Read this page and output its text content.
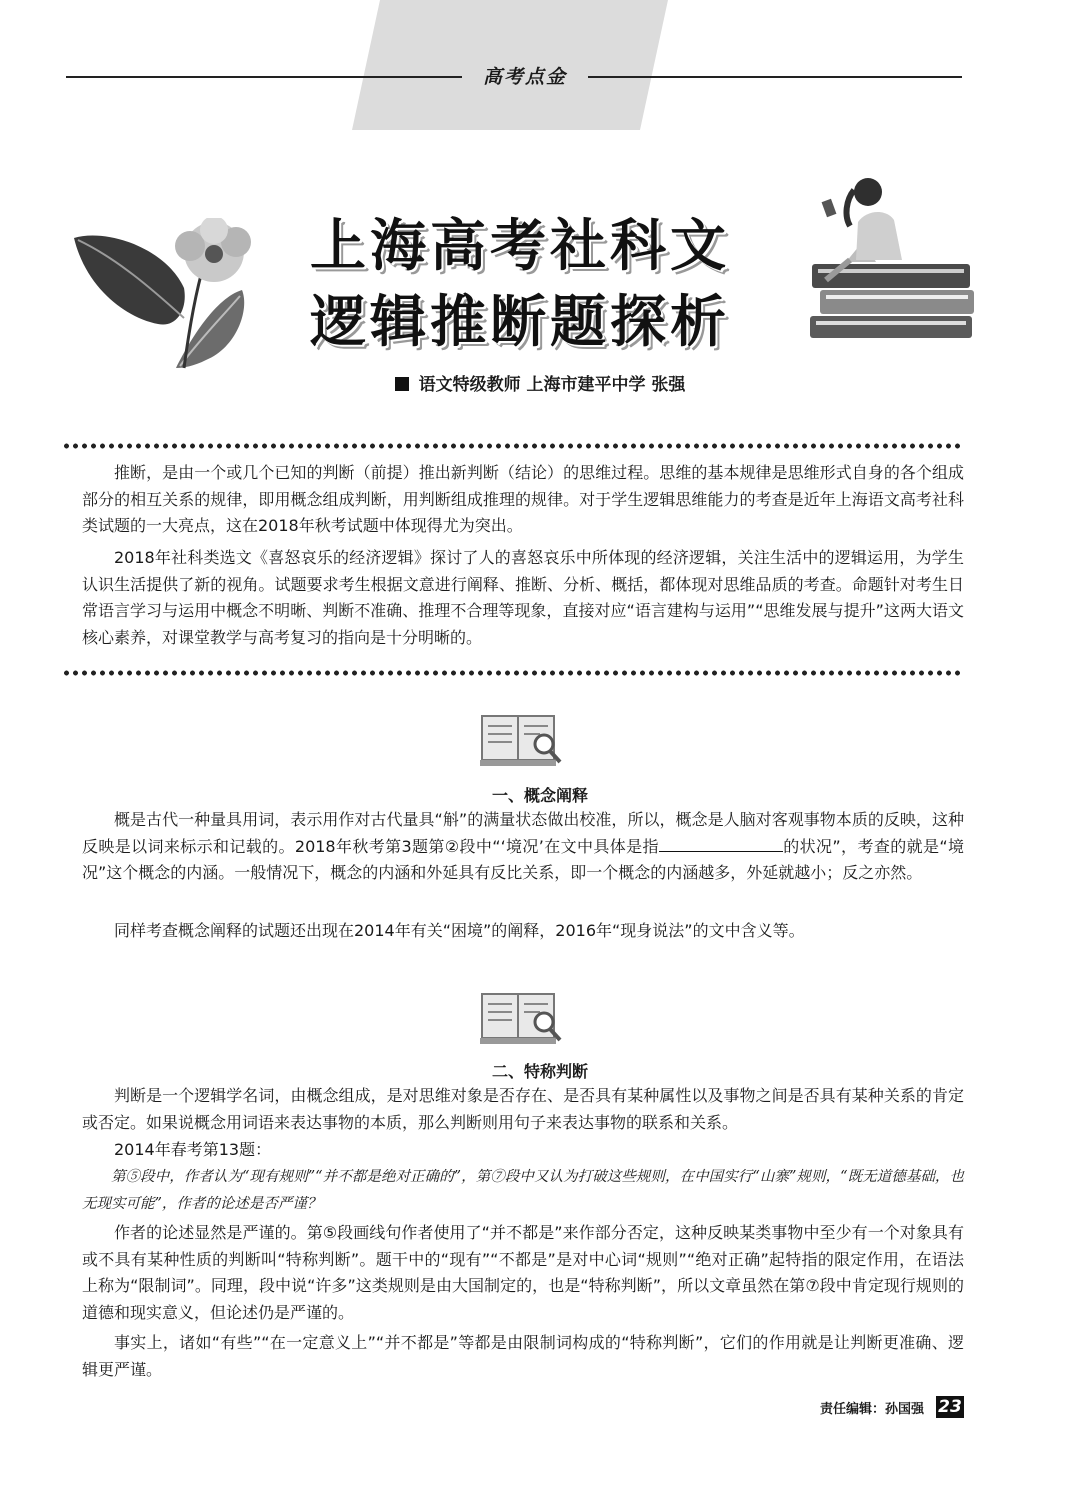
高考点金
上海高考社科文
逻辑推断题探析
语文特级教师 上海市建平中学 张强
推断，是由一个或几个已知的判断（前提）推出新判断（结论）的思维过程。思维的基本规律是思维形式自身的各个组成部分的相互关系的规律，即用概念组成判断，用判断组成推理的规律。对于学生逻辑思维能力的考查是近年上海语文高考社科类试题的一大亮点，这在2018年秋考试题中体现得尤为突出。
2018年社科类选文《喜怒哀乐的经济逻辑》探讨了人的喜怒哀乐中所体现的经济逻辑，关注生活中的逻辑运用，为学生认识生活提供了新的视角。试题要求考生根据文意进行阐释、推断、分析、概括，都体现对思维品质的考查。命题针对考生日常语言学习与运用中概念不明晰、判断不准确、推理不合理等现象，直接对应“语言建构与运用”“思维发展与提升”这两大语文核心素养，对课堂教学与高考复习的指向是十分明晰的。
一、概念阐释
概是古代一种量具用词，表示用作对古代量具“斛”的满量状态做出校准，所以，概念是人脑对客观事物本质的反映，这种反映是以词来标示和记载的。2018年秋考第3题第②段中“‘境况’在文中具体是指	的状况”，考查的就是“境况”这个概念的内涵。一般情况下，概念的内涵和外延具有反比关系，即一个概念的内涵越多，外延就越小；反之亦然。
同样考查概念阐释的试题还出现在2014年有关“困境”的阐释，2016年“现身说法”的文中含义等。
二、特称判断
判断是一个逻辑学名词，由概念组成，是对思维对象是否存在、是否具有某种属性以及事物之间是否具有某种关系的肯定或否定。如果说概念用词语来表达事物的本质，那么判断则用句子来表达事物的联系和关系。
2014年春考第13题：
第⑤段中，作者认为“现有规则”“并不都是绝对正确的”，第⑦段中又认为打破这些规则，在中国实行“山寨”规则，“既无道德基础，也无现实可能”，作者的论述是否严谨？
作者的论述显然是严谨的。第⑤段画线句作者使用了“并不都是”来作部分否定，这种反映某类事物中至少有一个对象具有或不具有某种性质的判断叫“特称判断”。题干中的“现有”“不都是”是对中心词“规则”“绝对正确”起特指的限定作用，在语法上称为“限制词”。同理，段中说“许多”这类规则是由大国制定的，也是“特称判断”，所以文章虽然在第⑦段中肯定现行规则的道德和现实意义，但论述仍是严谨的。
事实上，诸如“有些”“在一定意义上”“并不都是”等都是由限制词构成的“特称判断”，它们的作用就是让判断更准确、逻辑更严谨。
责任编辑：孙国强 23
